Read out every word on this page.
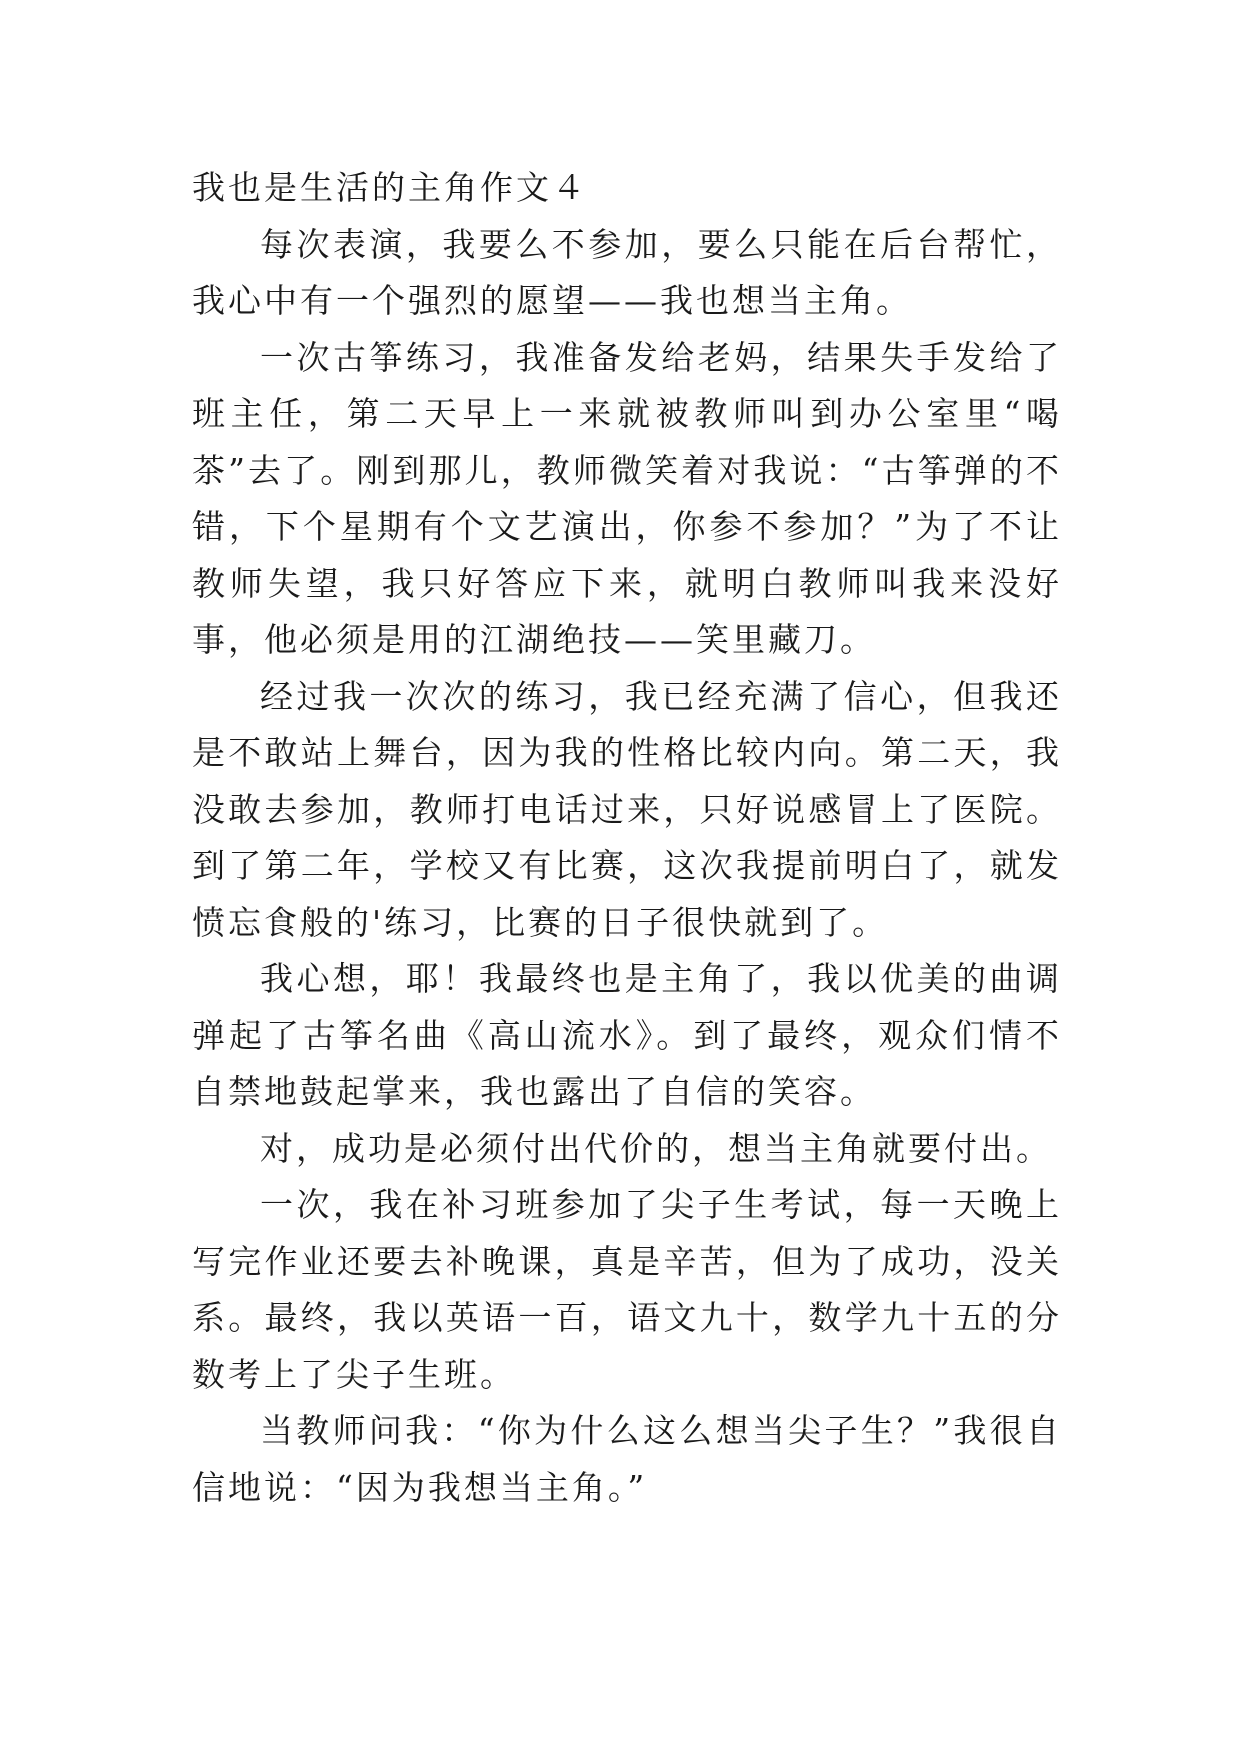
我也是生活的主角作文４

每次表演，我要么不参加，要么只能在后台帮忙，我心中有一个强烈的愿望——我也想当主角。

一次古筝练习，我准备发给老妈，结果失手发给了班主任，第二天早上一来就被教师叫到办公室里“喝茶”去了。刚到那儿，教师微笑着对我说：“古筝弹的不错，下个星期有个文艺演出，你参不参加？”为了不让教师失望，我只好答应下来，就明白教师叫我来没好事，他必须是用的江湖绝技——笑里藏刀。

经过我一次次的练习，我已经充满了信心，但我还是不敢站上舞台，因为我的性格比较内向。第二天，我没敢去参加，教师打电话过来，只好说感冒上了医院。到了第二年，学校又有比赛，这次我提前明白了，就发愤忘食般的'练习，比赛的日子很快就到了。

我心想，耶！我最终也是主角了，我以优美的曲调弹起了古筝名曲《高山流水》。到了最终，观众们情不自禁地鼓起掌来，我也露出了自信的笑容。

对，成功是必须付出代价的，想当主角就要付出。

一次，我在补习班参加了尖子生考试，每一天晚上写完作业还要去补晚课，真是辛苦，但为了成功，没关系。最终，我以英语一百，语文九十，数学九十五的分数考上了尖子生班。

当教师问我：“你为什么这么想当尖子生？”我很自信地说：“因为我想当主角。”
